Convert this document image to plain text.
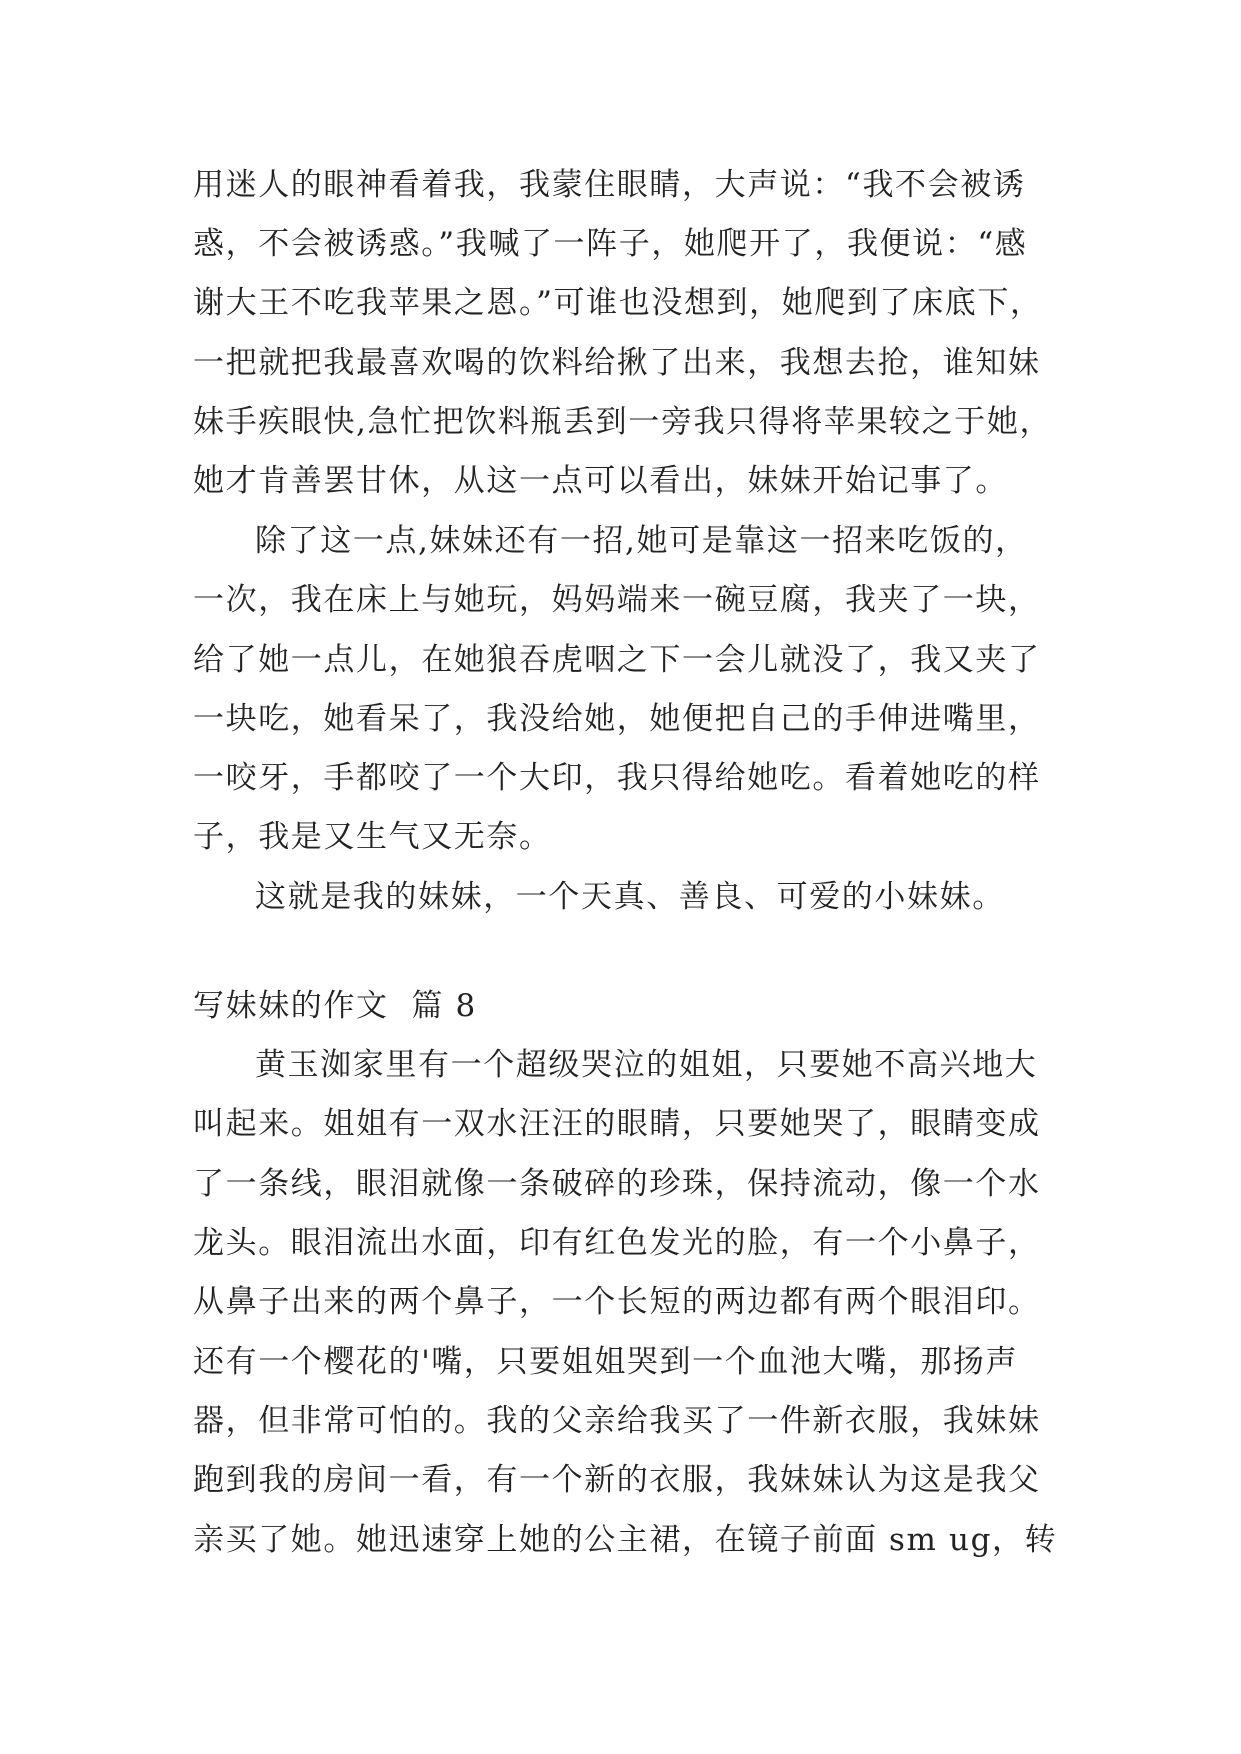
用迷人的眼神看着我，我蒙住眼睛，大声说：“我不会被诱
惑，不会被诱惑。”我喊了一阵子，她爬开了，我便说：“感
谢大王不吃我苹果之恩。”可谁也没想到，她爬到了床底下，
一把就把我最喜欢喝的饮料给揪了出来，我想去抢，谁知妹
妹手疾眼快,急忙把饮料瓶丢到一旁我只得将苹果较之于她，
她才肯善罢甘休，从这一点可以看出，妹妹开始记事了。
除了这一点,妹妹还有一招,她可是靠这一招来吃饭的，
一次，我在床上与她玩，妈妈端来一碗豆腐，我夹了一块，
给了她一点儿，在她狼吞虎咽之下一会儿就没了，我又夹了
一块吃，她看呆了，我没给她，她便把自己的手伸进嘴里，
一咬牙，手都咬了一个大印，我只得给她吃。看着她吃的样
子，我是又生气又无奈。
这就是我的妹妹，一个天真、善良、可爱的小妹妹。
写妹妹的作文  篇 8
黄玉洳家里有一个超级哭泣的姐姐，只要她不高兴地大
叫起来。姐姐有一双水汪汪的眼睛，只要她哭了，眼睛变成
了一条线，眼泪就像一条破碎的珍珠，保持流动，像一个水
龙头。眼泪流出水面，印有红色发光的脸，有一个小鼻子，
从鼻子出来的两个鼻子，一个长短的两边都有两个眼泪印。
还有一个樱花的'嘴，只要姐姐哭到一个血池大嘴，那扬声
器，但非常可怕的。我的父亲给我买了一件新衣服，我妹妹
跑到我的房间一看，有一个新的衣服，我妹妹认为这是我父
亲买了她。她迅速穿上她的公主裙，在镜子前面 sm ug，转
